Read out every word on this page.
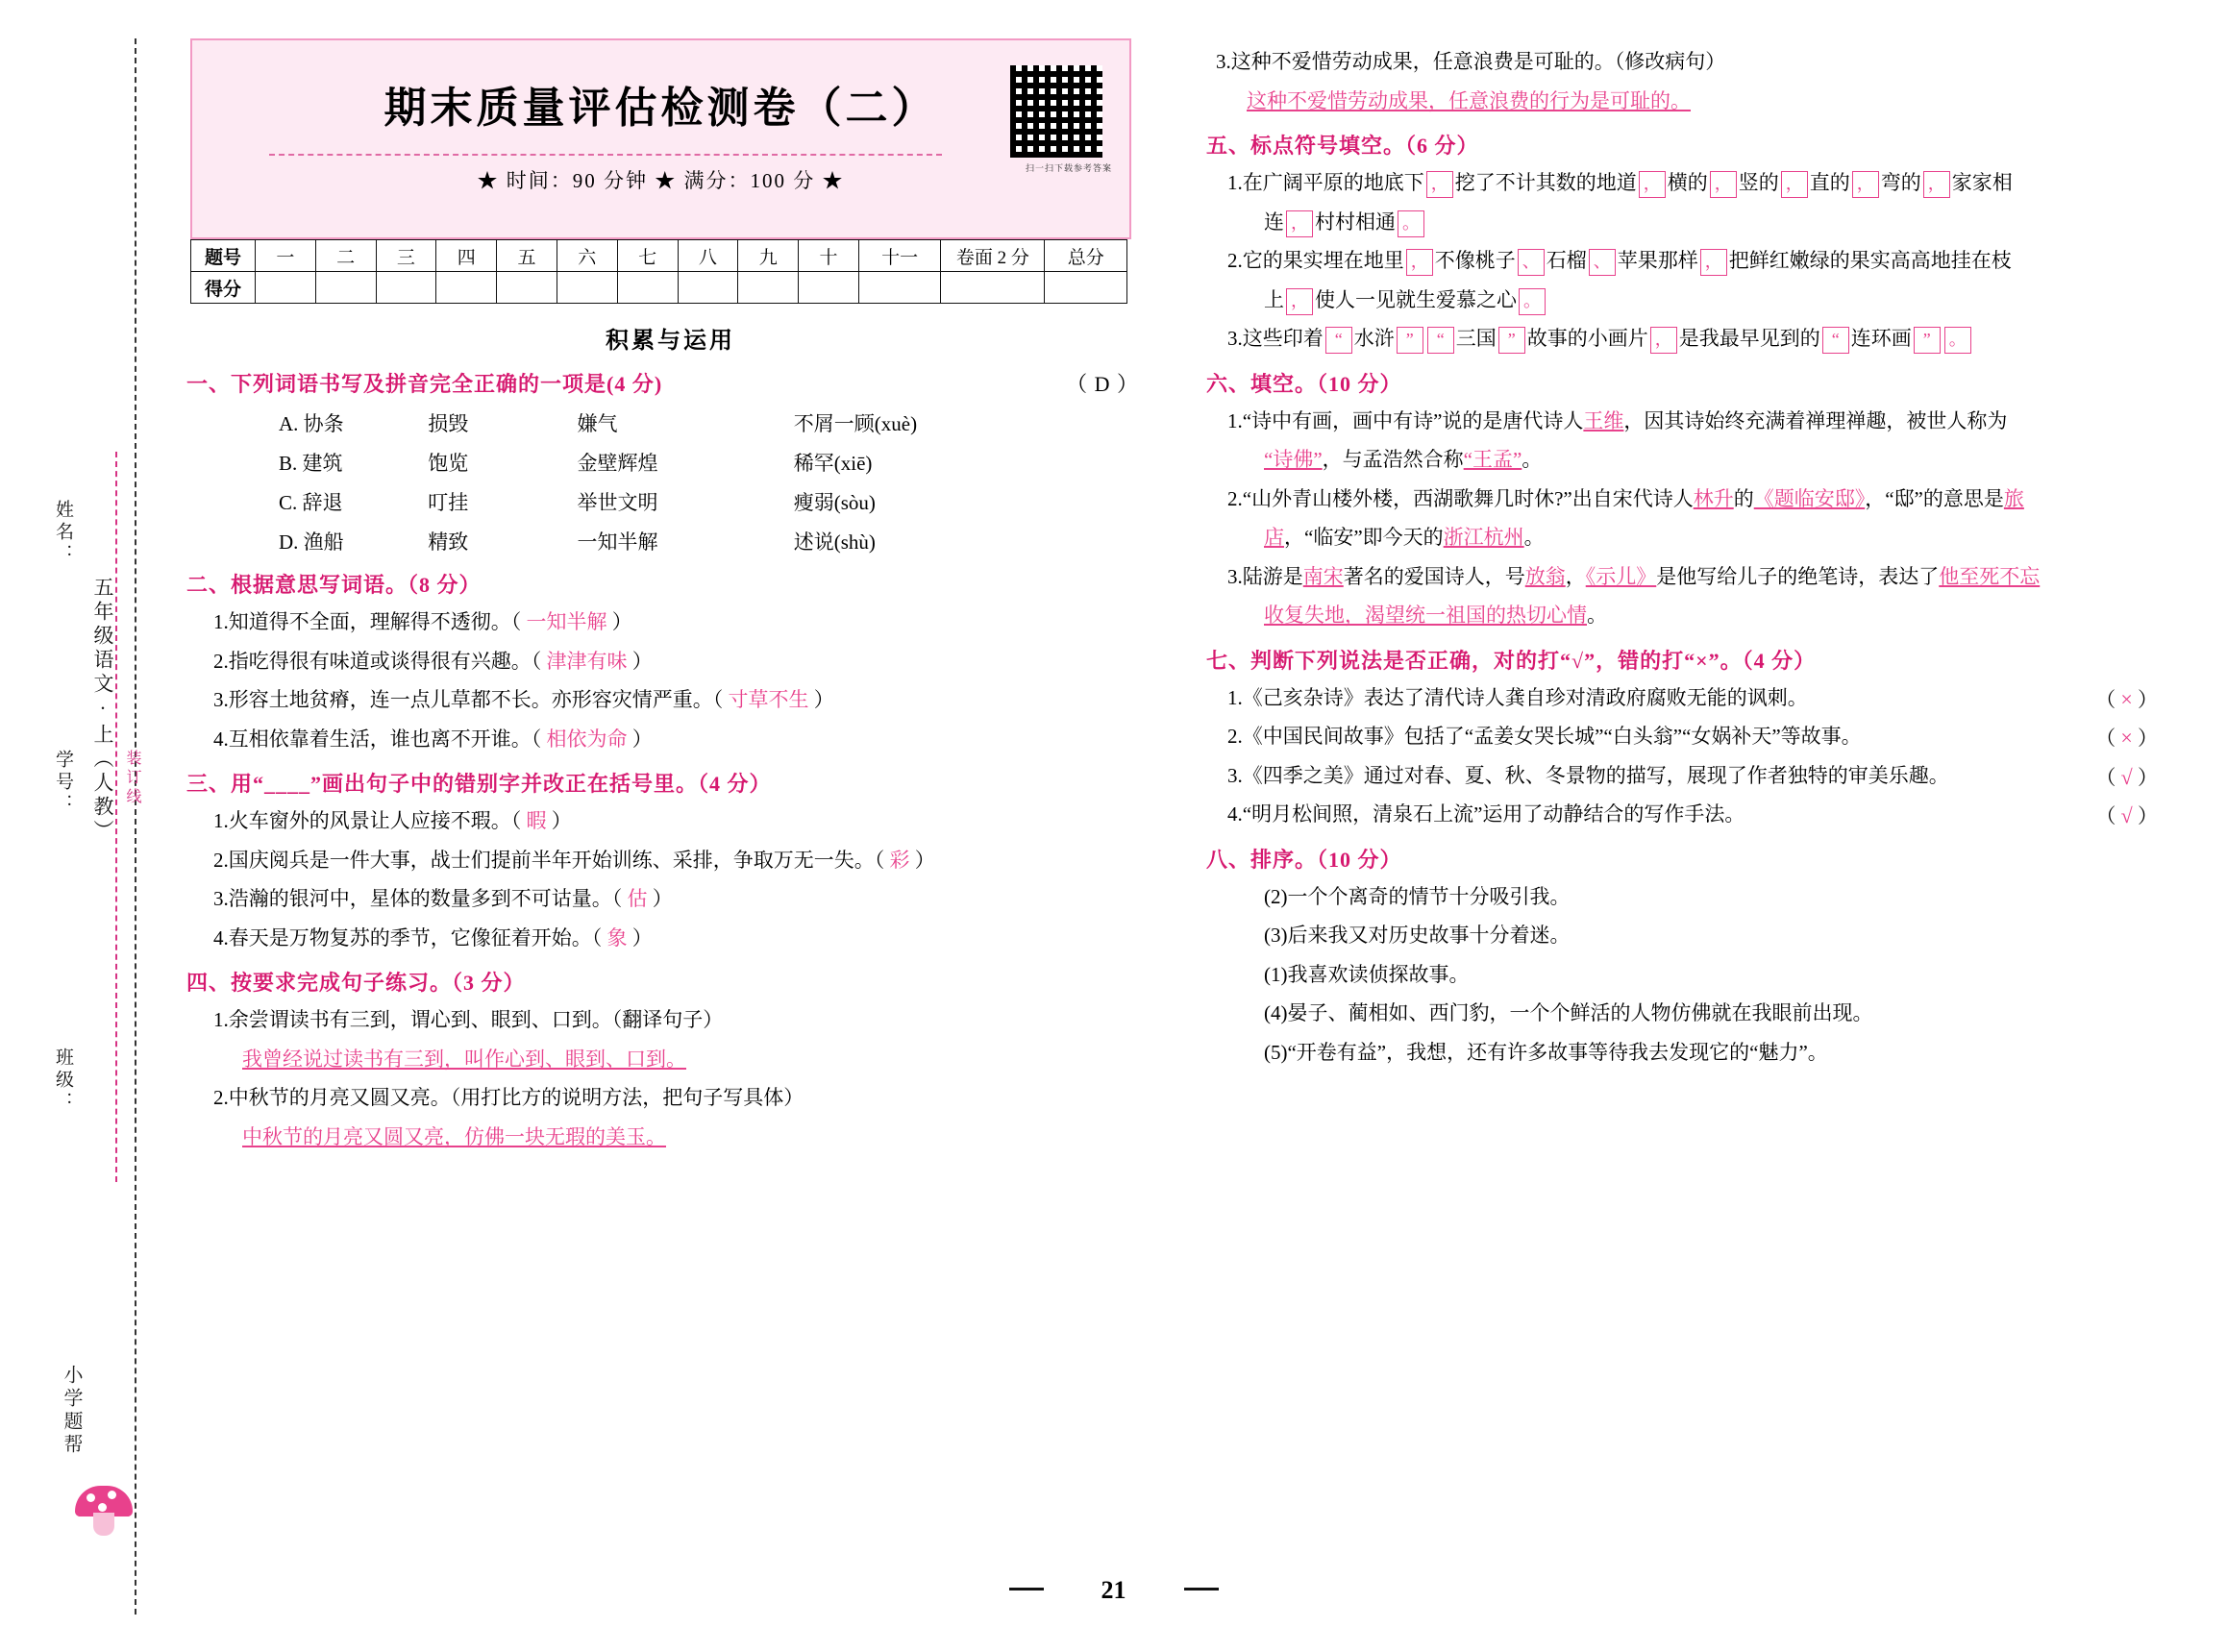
姓名：
学号：
班级：
五年级语文·上（人教）
小学题帮
装订线
期末质量评估检测卷（二）
★ 时间：90 分钟 ★ 满分：100 分 ★
扫一扫下载参考答案
题号	一	二	三	四	五	六	七	八	九	十	十一	卷面 2 分	总分
得分													
积累与运用
一、下列词语书写及拼音完全正确的一项是(4 分)	（ D ）
A. 协条	损毁	嫌气	不屑一顾(xuè)
B. 建筑	饱览	金壁辉煌	稀罕(xiē)
C. 辞退	叮挂	举世文明	瘦弱(sòu)
D. 渔船	精致	一知半解	述说(shù)
二、根据意思写词语。（8 分）
1.知道得不全面，理解得不透彻。（ 一知半解 ）
2.指吃得很有味道或谈得很有兴趣。（ 津津有味 ）
3.形容土地贫瘠，连一点儿草都不长。亦形容灾情严重。（ 寸草不生 ）
4.互相依靠着生活，谁也离不开谁。（ 相依为命 ）
三、用“____”画出句子中的错别字并改正在括号里。（4 分）
1.火车窗外的风景让人应接不瑕。（ 暇 ）
2.国庆阅兵是一件大事，战士们提前半年开始训练、采排，争取万无一失。（ 彩 ）
3.浩瀚的银河中，星体的数量多到不可诂量。（ 估 ）
4.春天是万物复苏的季节，它像征着开始。（ 象 ）
四、按要求完成句子练习。（3 分）
1.余尝谓读书有三到，谓心到、眼到、口到。（翻译句子）
我曾经说过读书有三到，叫作心到、眼到、口到。
2.中秋节的月亮又圆又亮。（用打比方的说明方法，把句子写具体）
中秋节的月亮又圆又亮，仿佛一块无瑕的美玉。
3.这种不爱惜劳动成果，任意浪费是可耻的。（修改病句）
这种不爱惜劳动成果，任意浪费的行为是可耻的。
五、标点符号填空。（6 分）
1.在广阔平原的地底下 ， 挖了不计其数的地道 ， 横的 ， 竖的 ， 直的 ， 弯的 ， 家家相
连 ， 村村相通 。
2.它的果实埋在地里 ， 不像桃子 、 石榴 、 苹果那样 ， 把鲜红嫩绿的果实高高地挂在枝
上 ， 使人一见就生爱慕之心 。
3.这些印着 “ 水浒 ” “ 三国 ” 故事的小画片 ， 是我最早见到的 “ 连环画 ” 。
六、填空。（10 分）
1.“诗中有画，画中有诗”说的是唐代诗人王维，因其诗始终充满着禅理禅趣，被世人称为
“诗佛”，与孟浩然合称“王孟”。
2.“山外青山楼外楼，西湖歌舞几时休?”出自宋代诗人林升的《题临安邸》，“邸”的意思是旅
店，“临安”即今天的浙江杭州。
3.陆游是南宋著名的爱国诗人，号放翁，《示儿》是他写给儿子的绝笔诗，表达了他至死不忘
收复失地，渴望统一祖国的热切心情。
七、判断下列说法是否正确，对的打“√”，错的打“×”。（4 分）
1.《己亥杂诗》表达了清代诗人龚自珍对清政府腐败无能的讽刺。	（ × ）
2.《中国民间故事》包括了“孟姜女哭长城”“白头翁”“女娲补天”等故事。	（ × ）
3.《四季之美》通过对春、夏、秋、冬景物的描写，展现了作者独特的审美乐趣。	（ √ ）
4.“明月松间照，清泉石上流”运用了动静结合的写作手法。	（ √ ）
八、排序。（10 分）
(2)一个个离奇的情节十分吸引我。
(3)后来我又对历史故事十分着迷。
(1)我喜欢读侦探故事。
(4)晏子、蔺相如、西门豹，一个个鲜活的人物仿佛就在我眼前出现。
(5)“开卷有益”，我想，还有许多故事等待我去发现它的“魅力”。
21
